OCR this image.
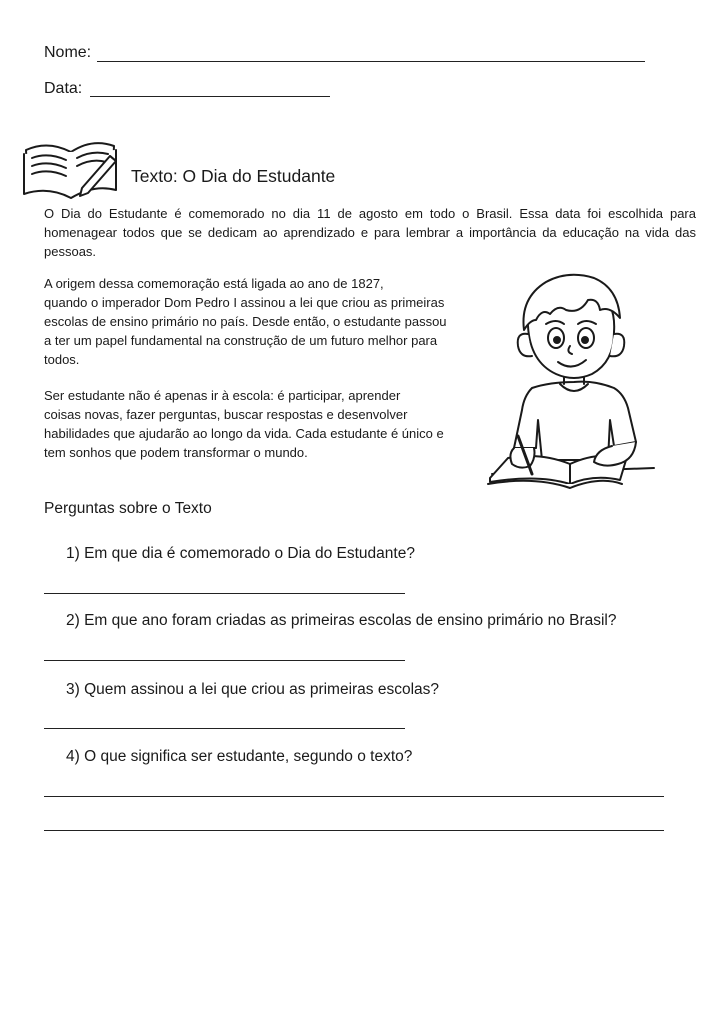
Nome:
Data:
Texto: O Dia do Estudante
O Dia do Estudante é comemorado no dia 11 de agosto em todo o Brasil. Essa data foi escolhida para homenagear todos que se dedicam ao aprendizado e para lembrar a importância da educação na vida das pessoas.
A origem dessa comemoração está ligada ao ano de 1827,
quando o imperador Dom Pedro I assinou a lei que criou as primeiras
escolas de ensino primário no país. Desde então, o estudante passou
a ter um papel fundamental na construção de um futuro melhor para
todos.
Ser estudante não é apenas ir à escola: é participar, aprender
coisas novas, fazer perguntas, buscar respostas e desenvolver
habilidades que ajudarão ao longo da vida. Cada estudante é único e
tem sonhos que podem transformar o mundo.
Perguntas sobre o Texto
1) Em que dia é comemorado o Dia do Estudante?
2) Em que ano foram criadas as primeiras escolas de ensino primário no Brasil?
3) Quem assinou a lei que criou as primeiras escolas?
4) O que significa ser estudante, segundo o texto?
